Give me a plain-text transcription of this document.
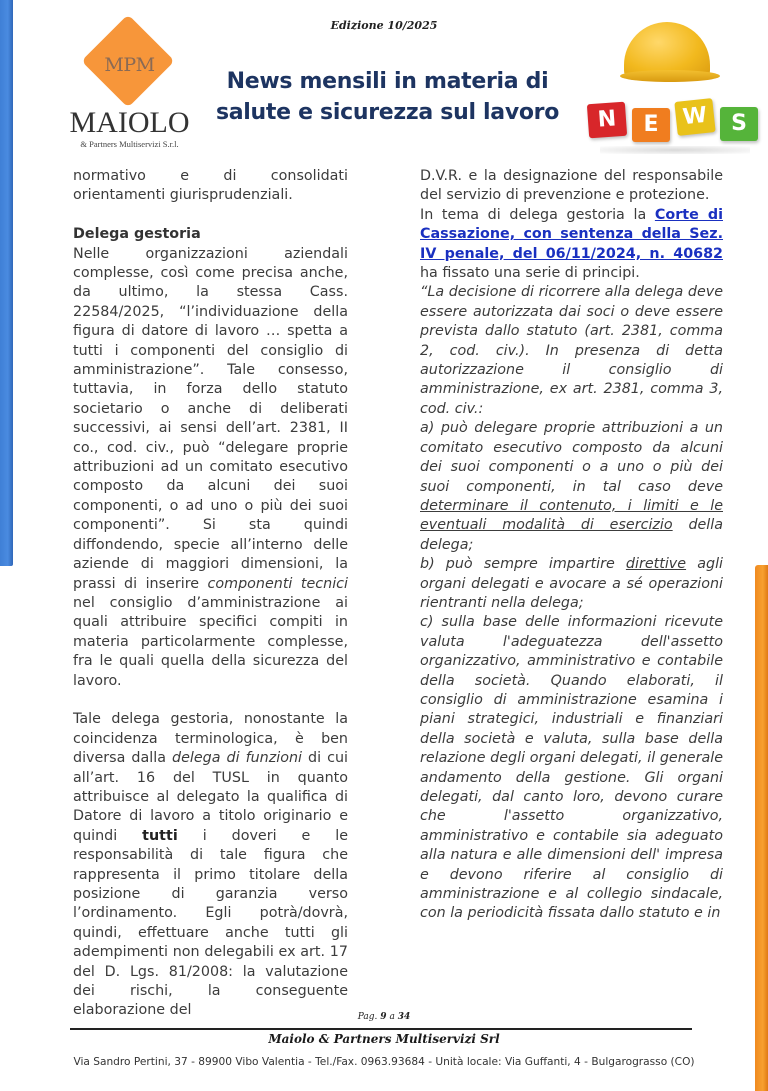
Edizione 10/2025
MPM
MAIOLO
& Partners Multiservizi S.r.l.
News mensili in materia di
salute e sicurezza sul lavoro	N	E	W	S

normativo e di consolidati orientamenti giurisprudenziali.

Delega gestoria

Nelle organizzazioni aziendali complesse, così come precisa anche, da ultimo, la stessa Cass. 22584/2025, “l’individuazione della figura di datore di lavoro … spetta a tutti i componenti del consiglio di amministrazione”. Tale consesso, tuttavia, in forza dello statuto societario o anche di deliberati successivi, ai sensi dell’art. 2381, II co., cod. civ., può “delegare proprie attribuzioni ad un comitato esecutivo composto da alcuni dei suoi componenti, o ad uno o più dei suoi componenti”. Si sta quindi diffondendo, specie all’interno delle aziende di maggiori dimensioni, la prassi di inserire componenti tecnici nel consiglio d’amministrazione ai quali attribuire specifici compiti in materia particolarmente complesse, fra le quali quella della sicurezza del lavoro.

Tale delega gestoria, nonostante la coincidenza terminologica, è ben diversa dalla delega di funzioni di cui all’art. 16 del TUSL in quanto attribuisce al delegato la qualifica di Datore di lavoro a titolo originario e quindi tutti i doveri e le responsabilità di tale figura che rappresenta il primo titolare della posizione di garanzia verso l’ordinamento. Egli potrà/dovrà, quindi, effettuare anche tutti gli adempimenti non delegabili ex art. 17 del D. Lgs. 81/2008: la valutazione dei rischi, la conseguente elaborazione del

D.V.R. e la designazione del responsabile del servizio di prevenzione e protezione.

In tema di delega gestoria la Corte di Cassazione, con sentenza della Sez. IV penale, del 06/11/2024, n. 40682 ha fissato una serie di principi.

“La decisione di ricorrere alla delega deve essere autorizzata dai soci o deve essere prevista dallo statuto (art. 2381, comma 2, cod. civ.). In presenza di detta autorizzazione il consiglio di amministrazione, ex art. 2381, comma 3, cod. civ.:

a) può delegare proprie attribuzioni a un comitato esecutivo composto da alcuni dei suoi componenti o a uno o più dei suoi componenti, in tal caso deve determinare il contenuto, i limiti e le eventuali modalità di esercizio della delega;

b) può sempre impartire direttive agli organi delegati e avocare a sé operazioni rientranti nella delega;

c) sulla base delle informazioni ricevute valuta l'adeguatezza dell'assetto organizzativo, amministrativo e contabile della società. Quando elaborati, il consiglio di amministrazione esamina i piani strategici, industriali e finanziari della società e valuta, sulla base della relazione degli organi delegati, il generale andamento della gestione. Gli organi delegati, dal canto loro, devono curare che l'assetto organizzativo, amministrativo e contabile sia adeguato alla natura e alle dimensioni dell' impresa e devono riferire al consiglio di amministrazione e al collegio sindacale, con la periodicità fissata dallo statuto e in

Pag. 9 a 34
Maiolo & Partners Multiservizi Srl
Via Sandro Pertini, 37 - 89900 Vibo Valentia - Tel./Fax. 0963.93684 - Unità locale: Via Guffanti, 4 - Bulgarograsso (CO)
